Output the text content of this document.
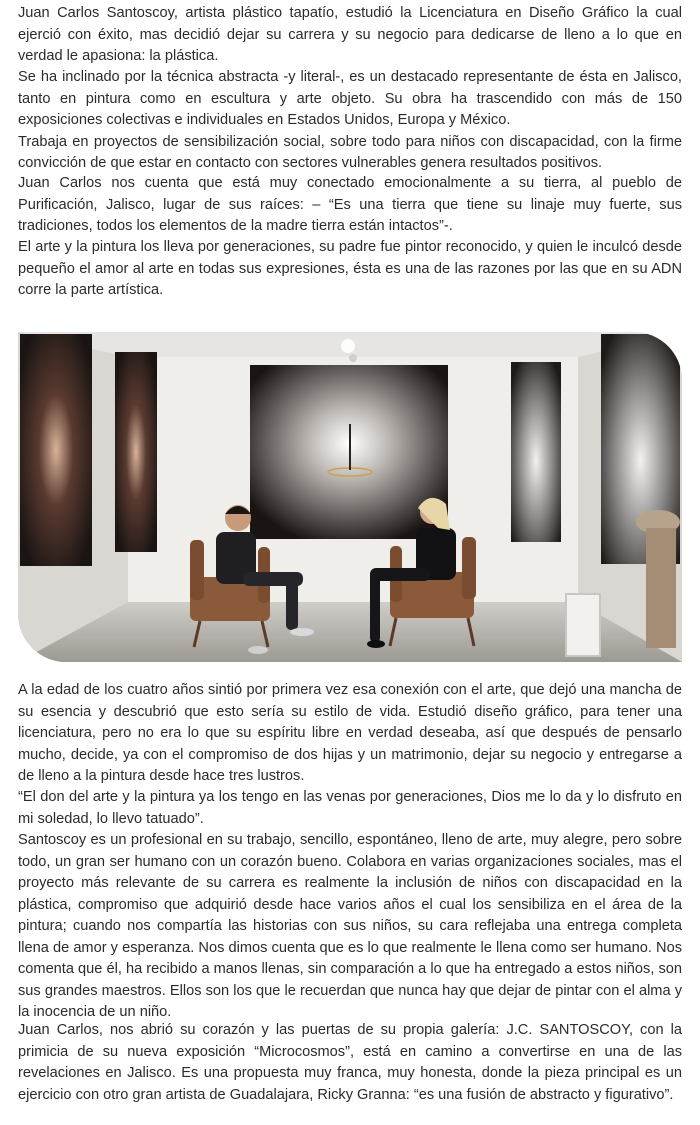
Juan Carlos Santoscoy, artista plástico tapatío, estudió la Licenciatura en Diseño Gráfico la cual ejerció con éxito, mas decidió dejar su carrera y su negocio para dedicarse de lleno a lo que en verdad le apasiona: la plástica.

Se ha inclinado por la técnica abstracta -y literal-, es un destacado representante de ésta en Jalisco, tanto en pintura como en escultura y arte objeto. Su obra ha trascendido con más de 150 exposiciones colectivas e individuales en Estados Unidos, Europa y México.

Trabaja en proyectos de sensibilización social, sobre todo para niños con discapacidad, con la firme convicción de que estar en contacto con sectores vulnerables genera resultados positivos.

Juan Carlos nos cuenta que está muy conectado emocionalmente a su tierra, al pueblo de Purificación, Jalisco, lugar de sus raíces: – “Es una tierra que tiene su linaje muy fuerte, sus tradiciones, todos los elementos de la madre tierra están intactos”-.

El arte y la pintura los lleva por generaciones, su padre fue pintor reconocido, y quien le inculcó desde pequeño el amor al arte en todas sus expresiones, ésta es una de las razones por las que en su ADN corre la parte artística.

A la edad de los cuatro años sintió por primera vez esa conexión con el arte, que dejó una mancha de su esencia y descubrió que esto sería su estilo de vida. Estudió diseño gráfico, para tener una licenciatura, pero no era lo que su espíritu libre en verdad deseaba, así que después de pensarlo mucho, decide, ya con el compromiso de dos hijas y un matrimonio, dejar su negocio y entregarse a de lleno a la pintura desde hace tres lustros.

“El don del arte y la pintura ya los tengo en las venas por generaciones, Dios me lo da y lo disfruto en mi soledad, lo llevo tatuado”.

Santoscoy es un profesional en su trabajo, sencillo, espontáneo, lleno de arte, muy alegre, pero sobre todo, un gran ser humano con un corazón bueno. Colabora en varias organizaciones sociales, mas el proyecto más relevante de su carrera es realmente la inclusión de niños con discapacidad en la plástica, compromiso que adquirió desde hace varios años el cual los sensibiliza en el área de la pintura; cuando nos compartía las historias con sus niños, su cara reflejaba una entrega completa llena de amor y esperanza. Nos dimos cuenta que es lo que realmente le llena como ser humano. Nos comenta que él, ha recibido a manos llenas, sin comparación a lo que ha entregado a estos niños, son sus grandes maestros. Ellos son los que le recuerdan que nunca hay que dejar de pintar con el alma y la inocencia de un niño.

Juan Carlos, nos abrió su corazón y las puertas de su propia galería: J.C. SANTOSCOY, con la primicia de su nueva exposición “Microcosmos”, está en camino a convertirse en una de las revelaciones en Jalisco. Es una propuesta muy franca, muy honesta, donde la pieza principal es un ejercicio con otro gran artista de Guadalajara, Ricky Granna: “es una fusión de abstracto y figurativo”.
